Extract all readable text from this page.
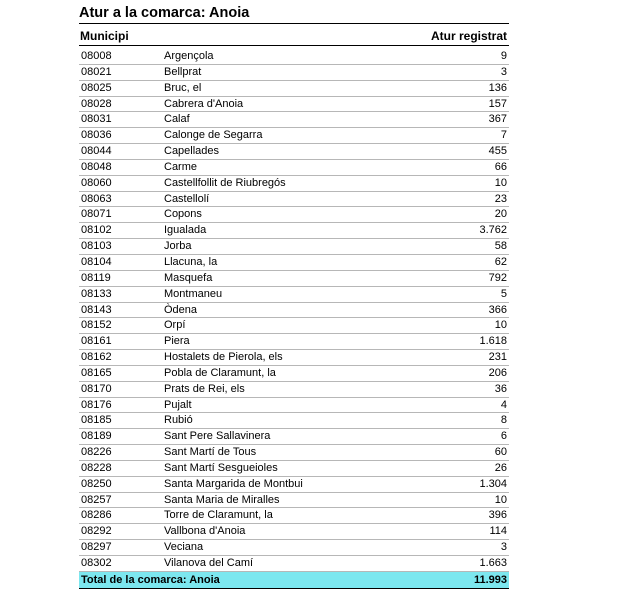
Atur a la comarca: Anoia
Municipi	Atur registrat
08008	Argençola	9
08021	Bellprat	3
08025	Bruc, el	136
08028	Cabrera d'Anoia	157
08031	Calaf	367
08036	Calonge de Segarra	7
08044	Capellades	455
08048	Carme	66
08060	Castellfollit de Riubregós	10
08063	Castellolí	23
08071	Copons	20
08102	Igualada	3.762
08103	Jorba	58
08104	Llacuna, la	62
08119	Masquefa	792
08133	Montmaneu	5
08143	Òdena	366
08152	Orpí	10
08161	Piera	1.618
08162	Hostalets de Pierola, els	231
08165	Pobla de Claramunt, la	206
08170	Prats de Rei, els	36
08176	Pujalt	4
08185	Rubió	8
08189	Sant Pere Sallavinera	6
08226	Sant Martí de Tous	60
08228	Sant Martí Sesgueioles	26
08250	Santa Margarida de Montbui	1.304
08257	Santa Maria de Miralles	10
08286	Torre de Claramunt, la	396
08292	Vallbona d'Anoia	114
08297	Veciana	3
08302	Vilanova del Camí	1.663
Total de la comarca: Anoia	11.993
